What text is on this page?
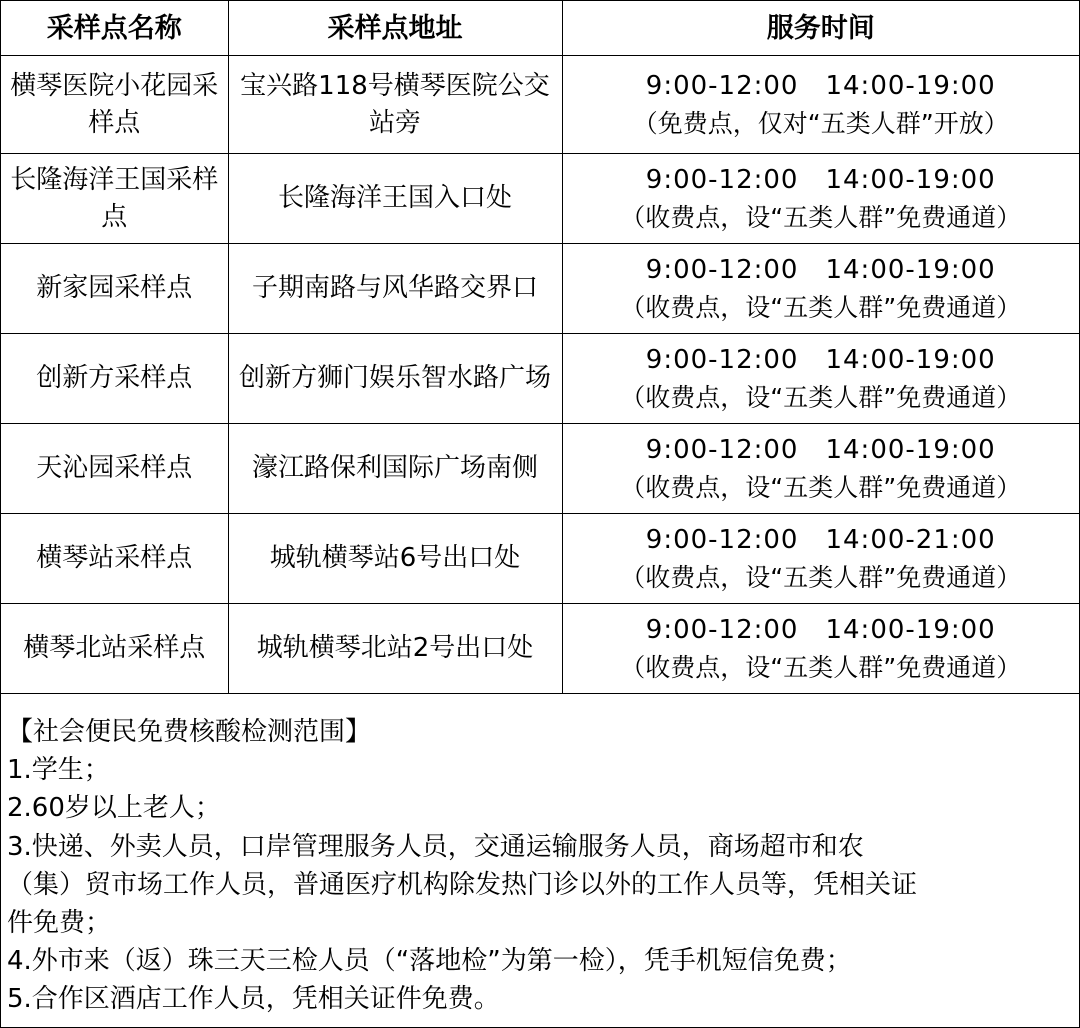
采样点名称	采样点地址	服务时间
横琴医院小花园采样点	宝兴路118号横琴医院公交站旁	9:00-12:00　14:00-19:00
（免费点，仅对“五类人群”开放）

长隆海洋王国采样点	长隆海洋王国入口处	9:00-12:00　14:00-19:00
（收费点，设“五类人群”免费通道）

新家园采样点	子期南路与风华路交界口	9:00-12:00　14:00-19:00
（收费点，设“五类人群”免费通道）

创新方采样点	创新方狮门娱乐智水路广场	9:00-12:00　14:00-19:00
（收费点，设“五类人群”免费通道）

天沁园采样点	濠江路保利国际广场南侧	9:00-12:00　14:00-19:00
（收费点，设“五类人群”免费通道）

横琴站采样点	城轨横琴站6号出口处	9:00-12:00　14:00-21:00
（收费点，设“五类人群”免费通道）

横琴北站采样点	城轨横琴北站2号出口处	9:00-12:00　14:00-19:00
（收费点，设“五类人群”免费通道）
【社会便民免费核酸检测范围】
1.学生；
2.60岁以上老人；
3.快递、外卖人员，口岸管理服务人员，交通运输服务人员，商场超市和农
（集）贸市场工作人员，普通医疗机构除发热门诊以外的工作人员等，凭相关证
件免费；
4.外市来（返）珠三天三检人员（“落地检”为第一检），凭手机短信免费；
5.合作区酒店工作人员，凭相关证件免费。
